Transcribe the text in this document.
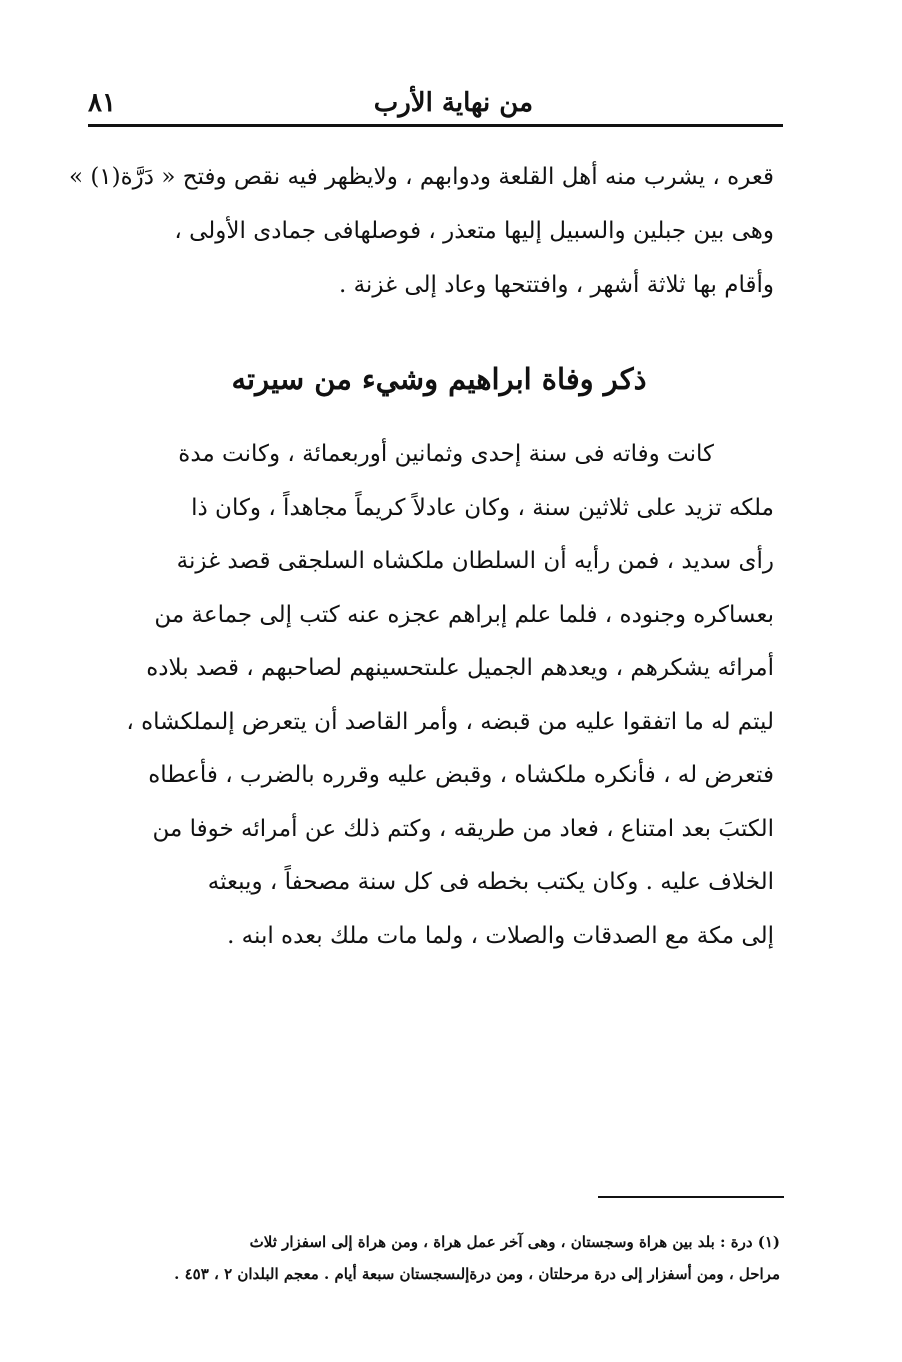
من نهاية الأرب
٨١
قعره ، يشرب منه أهل القلعة ودوابهم ، ولايظهر فيه نقص وفتح « دَرَّة(١) »
وهى بين جبلين والسبيل إليها متعذر ، فوصلهافى جمادى الأولى ،
وأقام بها ثلاثة أشهر ، وافتتحها وعاد إلى غزنة .
ذكر وفاة ابراهيم وشيء من سيرته
كانت وفاته فى سنة إحدى وثمانين أوربعمائة ، وكانت مدة
ملكه تزيد على ثلاثين سنة ، وكان عادلاً كريماً مجاهداً ، وكان ذا
رأى سديد ، فمن رأيه أن السلطان ملكشاه السلجقى قصد غزنة
بعساكره وجنوده ، فلما علم إبراهم عجزه عنه كتب إلى جماعة من
أمرائه يشكرهم ، ويعدهم الجميل علىتحسينهم لصاحبهم ، قصد بلاده
ليتم له ما اتفقوا عليه من قبضه ، وأمر القاصد أن يتعرض إلىملكشاه ،
فتعرض له ، فأنكره ملكشاه ، وقبض عليه وقرره بالضرب ، فأعطاه
الكتبَ بعد امتناع ، فعاد من طريقه ، وكتم ذلك عن أمرائه خوفا من
الخلاف عليه . وكان يكتب بخطه فى كل سنة مصحفاً ، ويبعثه
إلى مكة مع الصدقات والصلات ، ولما مات ملك بعده ابنه .
(١) درة : بلد بين هراة وسجستان ، وهى آخر عمل هراة ، ومن هراة إلى اسفزار ثلاث
مراحل ، ومن أسفزار إلى درة مرحلتان ، ومن درةإلىسجستان سبعة أيام . معجم البلدان ٢ ، ٤٥٣ .
